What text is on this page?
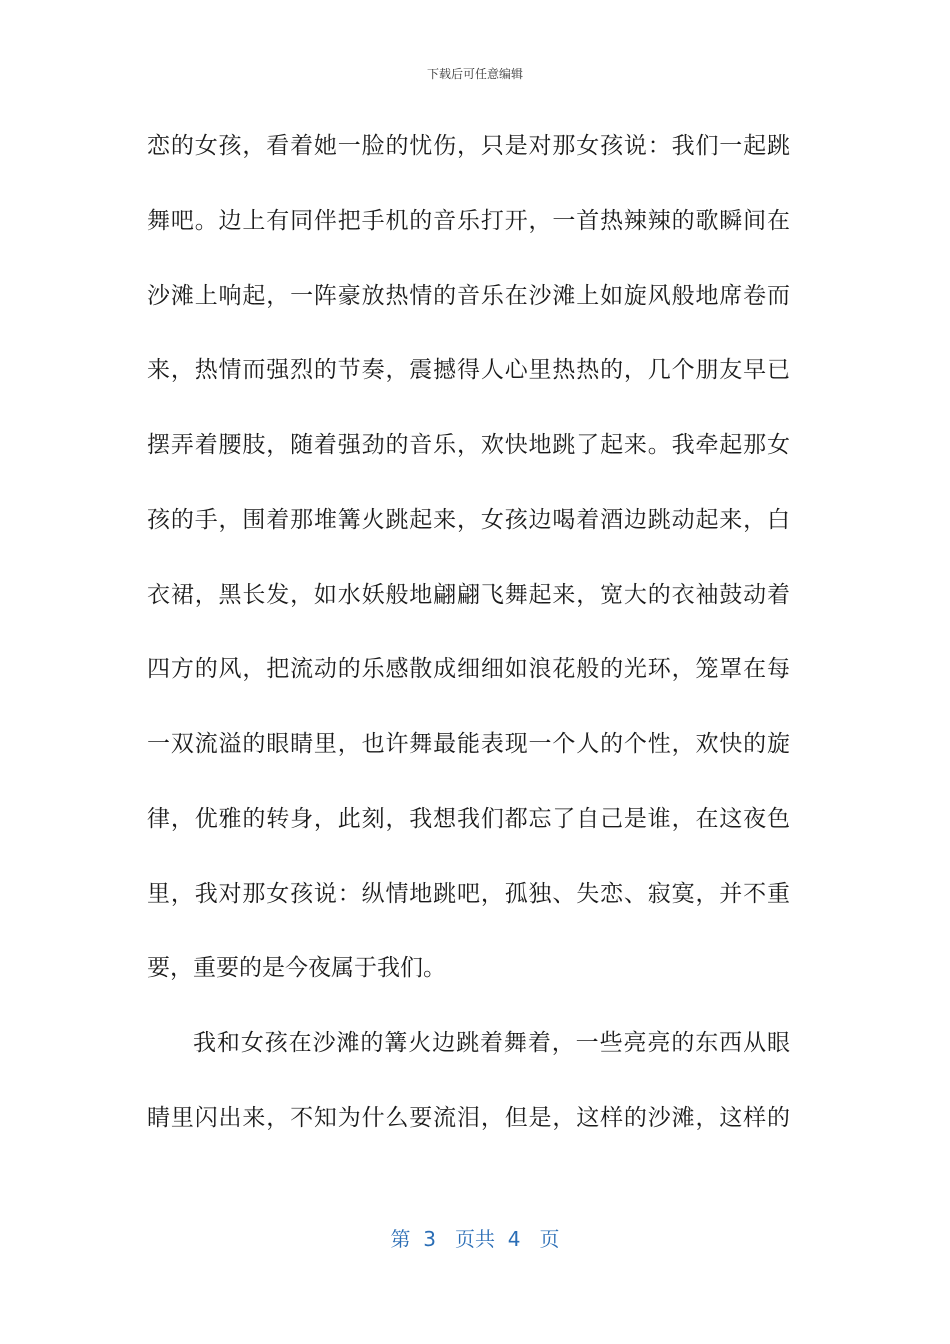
下载后可任意编辑
恋的女孩，看着她一脸的忧伤，只是对那女孩说：我们一起跳
舞吧。边上有同伴把手机的音乐打开，一首热辣辣的歌瞬间在
沙滩上响起，一阵豪放热情的音乐在沙滩上如旋风般地席卷而
来，热情而强烈的节奏，震撼得人心里热热的，几个朋友早已
摆弄着腰肢，随着强劲的音乐，欢快地跳了起来。我牵起那女
孩的手，围着那堆篝火跳起来，女孩边喝着酒边跳动起来，白
衣裙，黑长发，如水妖般地翩翩飞舞起来，宽大的衣袖鼓动着
四方的风，把流动的乐感散成细细如浪花般的光环，笼罩在每
一双流溢的眼睛里，也许舞最能表现一个人的个性，欢快的旋
律，优雅的转身，此刻，我想我们都忘了自己是谁，在这夜色
里，我对那女孩说：纵情地跳吧，孤独、失恋、寂寞，并不重
要，重要的是今夜属于我们。
我和女孩在沙滩的篝火边跳着舞着，一些亮亮的东西从眼
睛里闪出来，不知为什么要流泪，但是，这样的沙滩，这样的
第  3   页共  4   页
